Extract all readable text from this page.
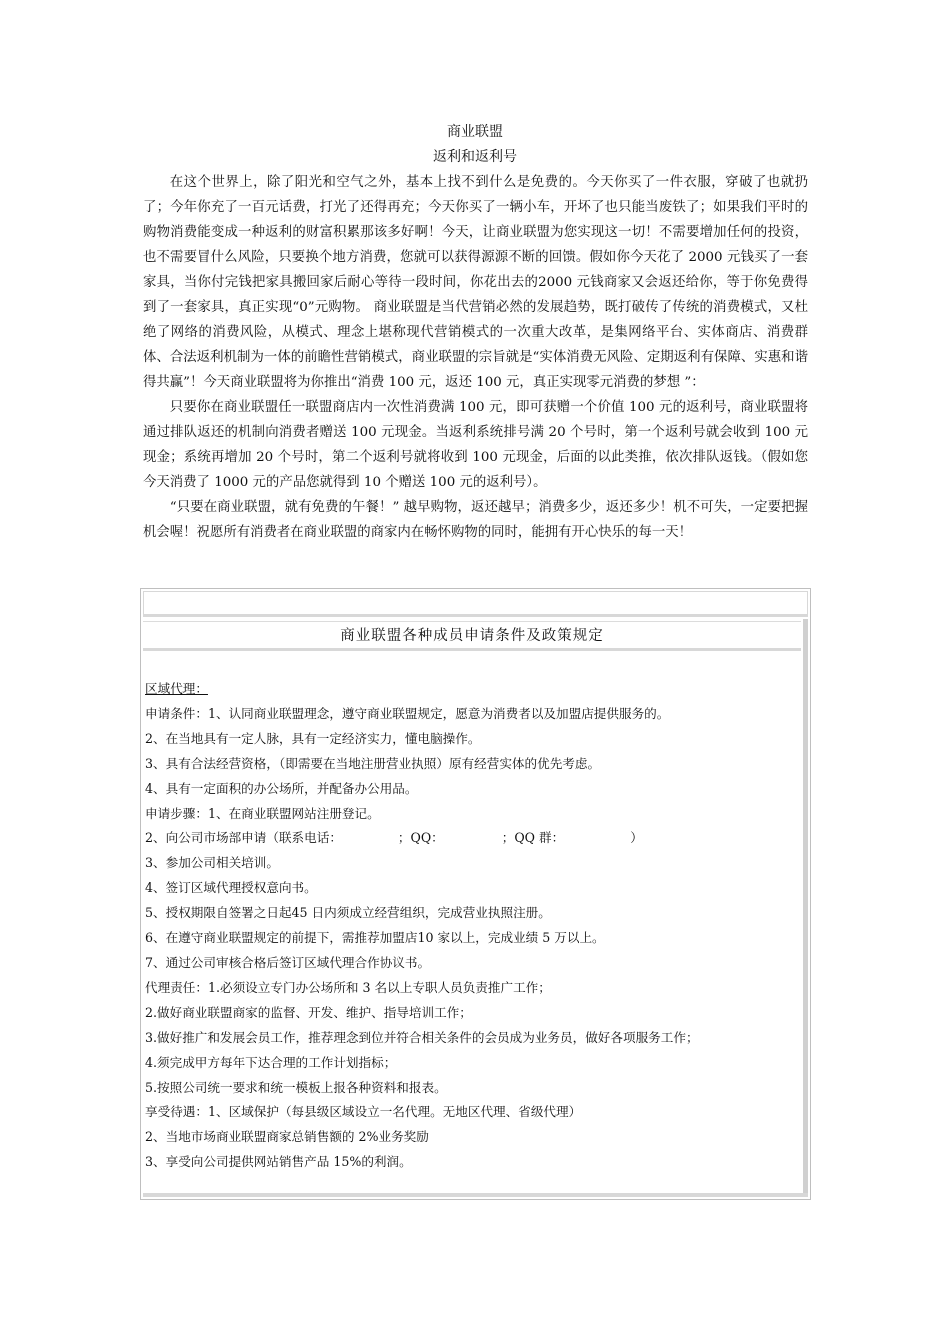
商业联盟
返利和返利号

在这个世界上，除了阳光和空气之外，基本上找不到什么是免费的。今天你买了一件衣服，穿破了也就扔了；今年你充了一百元话费，打光了还得再充；今天你买了一辆小车，开坏了也只能当废铁了；如果我们平时的购物消费能变成一种返利的财富积累那该多好啊！今天，让商业联盟为您实现这一切！不需要增加任何的投资，也不需要冒什么风险，只要换个地方消费，您就可以获得源源不断的回馈。假如你今天花了 2000 元钱买了一套家具，当你付完钱把家具搬回家后耐心等待一段时间，你花出去的2000 元钱商家又会返还给你，等于你免费得到了一套家具，真正实现“0”元购物。 商业联盟是当代营销必然的发展趋势，既打破传了传统的消费模式，又杜绝了网络的消费风险，从模式、理念上堪称现代营销模式的一次重大改革，是集网络平台、实体商店、消费群体、合法返利机制为一体的前瞻性营销模式，商业联盟的宗旨就是“实体消费无风险、定期返利有保障、实惠和谐得共赢”！今天商业联盟将为你推出“消费 100 元，返还 100 元，真正实现零元消费的梦想 ”：

只要你在商业联盟任一联盟商店内一次性消费满 100 元，即可获赠一个价值 100 元的返利号，商业联盟将通过排队返还的机制向消费者赠送 100 元现金。当返利系统排号满 20 个号时，第一个返利号就会收到 100 元现金；系统再增加 20 个号时，第二个返利号就将收到 100 元现金，后面的以此类推，依次排队返钱。（假如您今天消费了 1000 元的产品您就得到 10 个赠送 100 元的返利号）。

“只要在商业联盟，就有免费的午餐！” 越早购物，返还越早；消费多少，返还多少！机不可失，一定要把握机会喔！祝愿所有消费者在商业联盟的商家内在畅怀购物的同时，能拥有开心快乐的每一天！

商业联盟各种成员申请条件及政策规定
区域代理：
申请条件：1、认同商业联盟理念，遵守商业联盟规定，愿意为消费者以及加盟店提供服务的。
2、在当地具有一定人脉，具有一定经济实力，懂电脑操作。
3、具有合法经营资格，（即需要在当地注册营业执照）原有经营实体的优先考虑。
4、具有一定面积的办公场所，并配备办公用品。
申请步骤：1、在商业联盟网站注册登记。
2、向公司市场部申请（联系电话：	；QQ：	；QQ 群：	）
3、参加公司相关培训。
4、签订区域代理授权意向书。
5、授权期限自签署之日起45 日内须成立经营组织，完成营业执照注册。
6、在遵守商业联盟规定的前提下，需推荐加盟店10 家以上，完成业绩 5 万以上。
7、通过公司审核合格后签订区域代理合作协议书。
代理责任：1.必须设立专门办公场所和 3 名以上专职人员负责推广工作；
2.做好商业联盟商家的监督、开发、维护、指导培训工作；
3.做好推广和发展会员工作，推荐理念到位并符合相关条件的会员成为业务员，做好各项服务工作；
4.须完成甲方每年下达合理的工作计划指标；
5.按照公司统一要求和统一模板上报各种资料和报表。
享受待遇：1、区域保护（每县级区域设立一名代理。无地区代理、省级代理）
2、当地市场商业联盟商家总销售额的 2%业务奖励
3、享受向公司提供网站销售产品 15%的利润。
